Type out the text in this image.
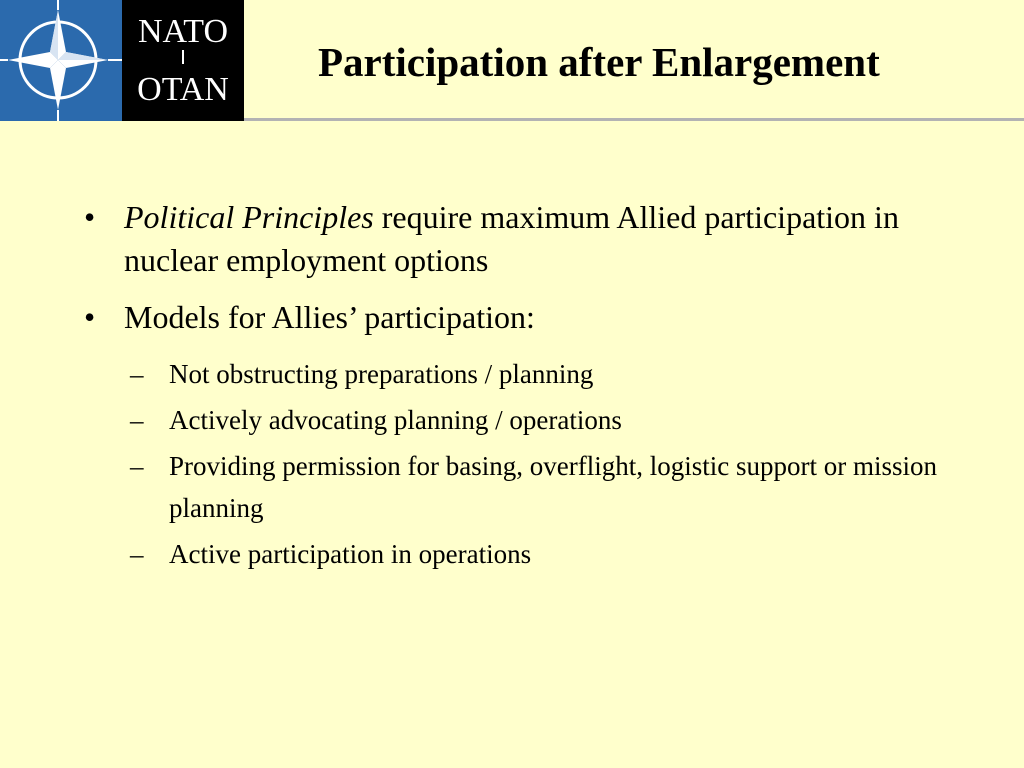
NATO
OTAN
Participation after Enlargement
• Political Principles require maximum Allied participation in nuclear employment options
• Models for Allies’ participation:
– Not obstructing preparations / planning
– Actively advocating planning / operations
– Providing permission for basing, overflight, logistic support or mission planning
– Active participation in operations
